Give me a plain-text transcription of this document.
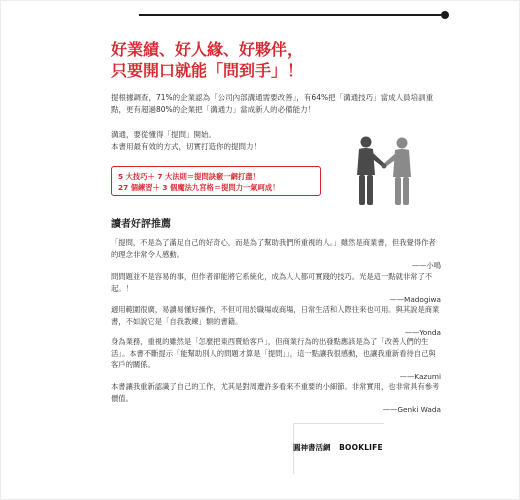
好業績、好人緣、好夥伴，
只要開口就能「問到手」！

提根據調查，71%的企業認為「公司內部溝通需要改善」，有64%把「溝通技巧」當成人員培訓重點，更有超過80%的企業把「溝通力」當成新人的必備能力！

溝通，要從懂得「提問」開始。

本書用最有效的方式，切實打造你的提問力！

5 大技巧＋ 7 大法則＝提問訣竅一網打盡！
27 個練習＋ 3 個魔法九宮格＝提問力一氣呵成！
讀者好評推薦

「提問，不是為了滿足自己的好奇心，而是為了幫助我們所重視的人。」雖然是商業書，但我覺得作者的理念非常令人感動。

——小鳴

問問題並不是容易的事，但作者卻能將它系統化，成為人人都可實踐的技巧。光是這一點就非常了不起。！

——Madogiwa

適用範圍很廣，易讀易懂好操作，不但可用於職場或商場，日常生活和人際往來也可用。與其說是商業書，不如說它是「自我教練」類的書籍。

——Yonda

身為業務，重視的雖然是「怎麼把東西賣給客戶」，但商業行為的出發點應該是為了「改善人們的生活」。本書不斷提示「能幫助別人的問題才算是「提問」」，這一點讓我很感動，也讓我重新看待自己與客戶的關係。

——Kazumi

本書讓我重新認識了自己的工作，尤其是對周遭許多看來不重要的小細節。非常實用，也非常具有參考價值。

——Genki Wada
圓神書活網 BOOKLIFE
